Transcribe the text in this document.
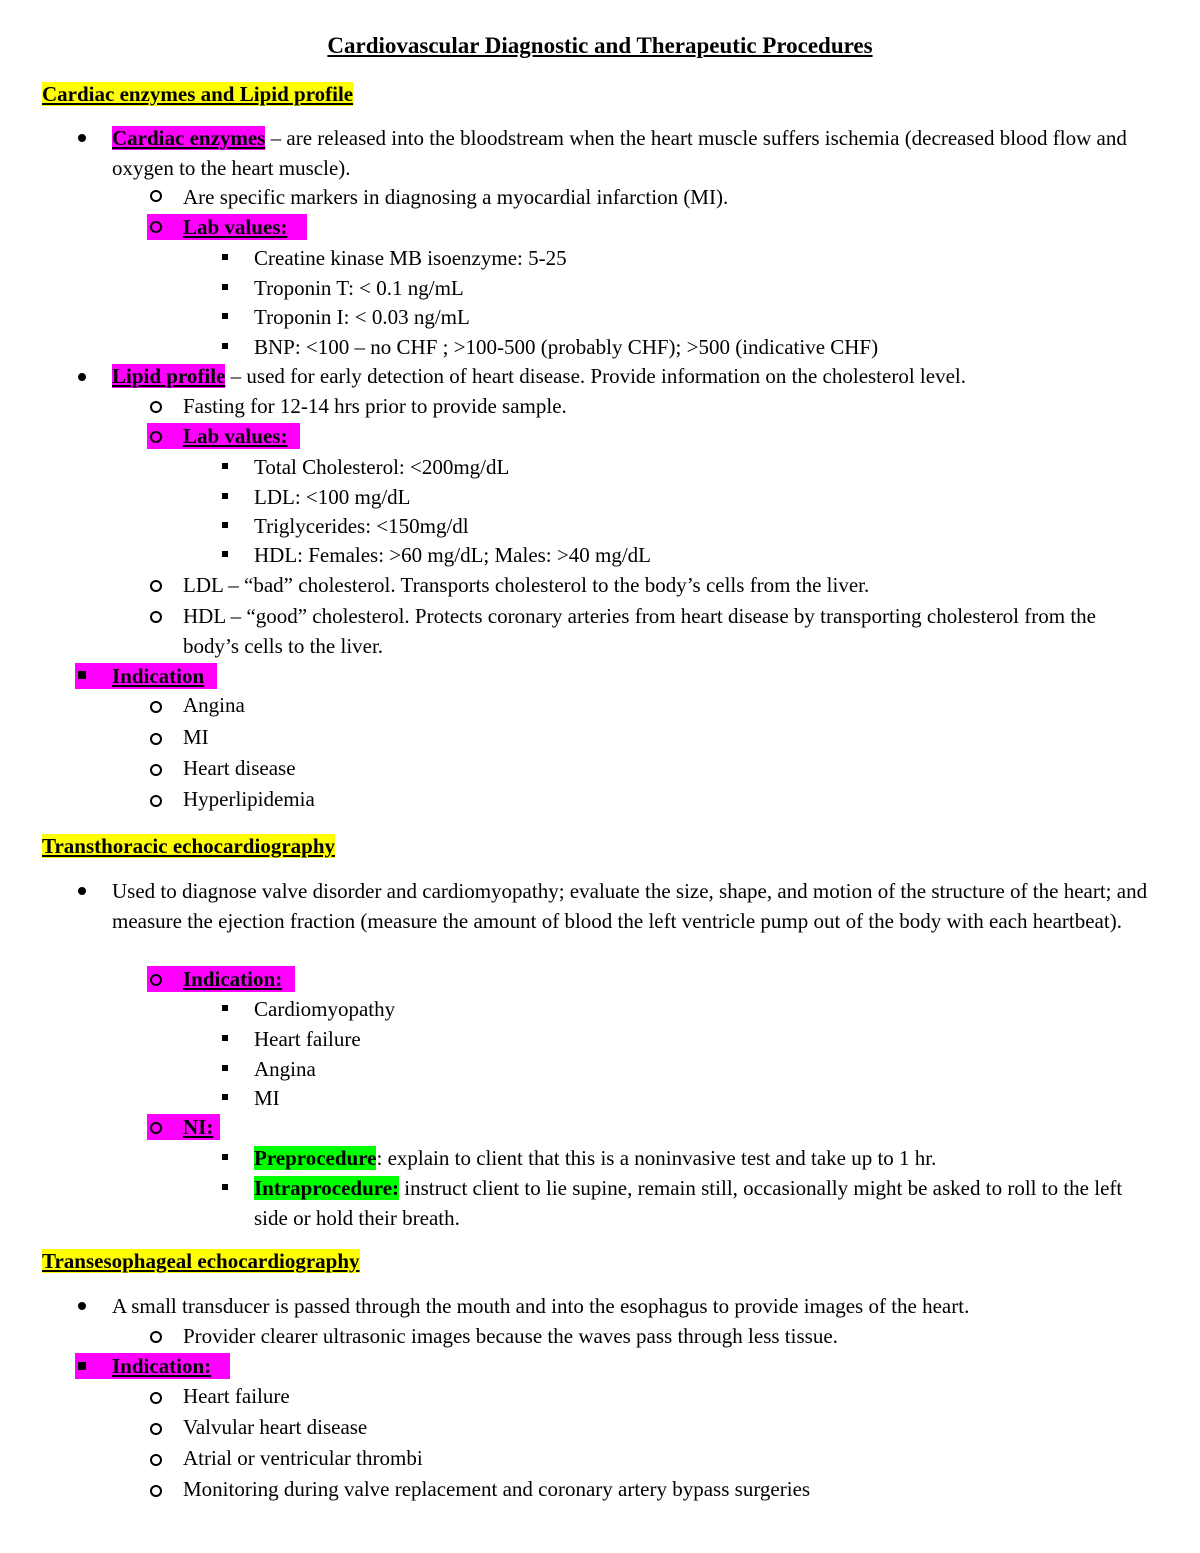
Cardiovascular Diagnostic and Therapeutic Procedures
Cardiac enzymes and Lipid profile
Cardiac enzymes – are released into the bloodstream when the heart muscle suffers ischemia (decreased blood flow and oxygen to the heart muscle).
Are specific markers in diagnosing a myocardial infarction (MI).
Lab values:
Creatine kinase MB isoenzyme: 5-25
Troponin T: < 0.1 ng/mL
Troponin I: < 0.03 ng/mL
BNP: <100 – no CHF ; >100-500 (probably CHF); >500 (indicative CHF)
Lipid profile – used for early detection of heart disease. Provide information on the cholesterol level.
Fasting for 12-14 hrs prior to provide sample.
Lab values:
Total Cholesterol: <200mg/dL
LDL: <100 mg/dL
Triglycerides: <150mg/dl
HDL: Females: >60 mg/dL; Males: >40 mg/dL
LDL – “bad” cholesterol. Transports cholesterol to the body’s cells from the liver.
HDL – “good” cholesterol. Protects coronary arteries from heart disease by transporting cholesterol from the body’s cells to the liver.
Indication
Angina
MI
Heart disease
Hyperlipidemia
Transthoracic echocardiography
Used to diagnose valve disorder and cardiomyopathy; evaluate the size, shape, and motion of the structure of the heart; and measure the ejection fraction (measure the amount of blood the left ventricle pump out of the body with each heartbeat).
Indication:
Cardiomyopathy
Heart failure
Angina
MI
NI:
Preprocedure: explain to client that this is a noninvasive test and take up to 1 hr.
Intraprocedure: instruct client to lie supine, remain still, occasionally might be asked to roll to the left side or hold their breath.
Transesophageal echocardiography
A small transducer is passed through the mouth and into the esophagus to provide images of the heart.
Provider clearer ultrasonic images because the waves pass through less tissue.
Indication:
Heart failure
Valvular heart disease
Atrial or ventricular thrombi
Monitoring during valve replacement and coronary artery bypass surgeries
